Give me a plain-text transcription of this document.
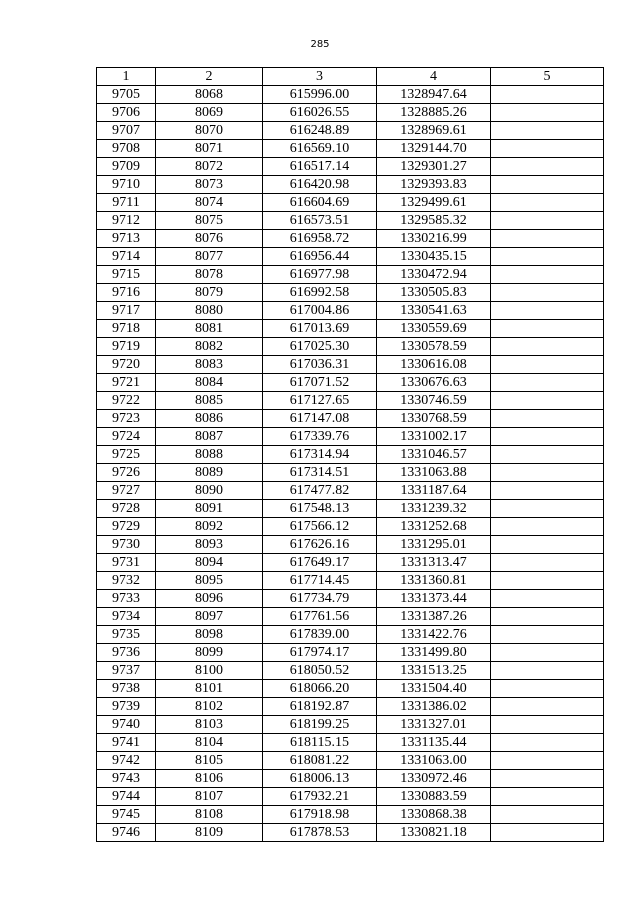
285
1	2	3	4	5
9705	8068	615996.00	1328947.64	
9706	8069	616026.55	1328885.26	
9707	8070	616248.89	1328969.61	
9708	8071	616569.10	1329144.70	
9709	8072	616517.14	1329301.27	
9710	8073	616420.98	1329393.83	
9711	8074	616604.69	1329499.61	
9712	8075	616573.51	1329585.32	
9713	8076	616958.72	1330216.99	
9714	8077	616956.44	1330435.15	
9715	8078	616977.98	1330472.94	
9716	8079	616992.58	1330505.83	
9717	8080	617004.86	1330541.63	
9718	8081	617013.69	1330559.69	
9719	8082	617025.30	1330578.59	
9720	8083	617036.31	1330616.08	
9721	8084	617071.52	1330676.63	
9722	8085	617127.65	1330746.59	
9723	8086	617147.08	1330768.59	
9724	8087	617339.76	1331002.17	
9725	8088	617314.94	1331046.57	
9726	8089	617314.51	1331063.88	
9727	8090	617477.82	1331187.64	
9728	8091	617548.13	1331239.32	
9729	8092	617566.12	1331252.68	
9730	8093	617626.16	1331295.01	
9731	8094	617649.17	1331313.47	
9732	8095	617714.45	1331360.81	
9733	8096	617734.79	1331373.44	
9734	8097	617761.56	1331387.26	
9735	8098	617839.00	1331422.76	
9736	8099	617974.17	1331499.80	
9737	8100	618050.52	1331513.25	
9738	8101	618066.20	1331504.40	
9739	8102	618192.87	1331386.02	
9740	8103	618199.25	1331327.01	
9741	8104	618115.15	1331135.44	
9742	8105	618081.22	1331063.00	
9743	8106	618006.13	1330972.46	
9744	8107	617932.21	1330883.59	
9745	8108	617918.98	1330868.38	
9746	8109	617878.53	1330821.18	
